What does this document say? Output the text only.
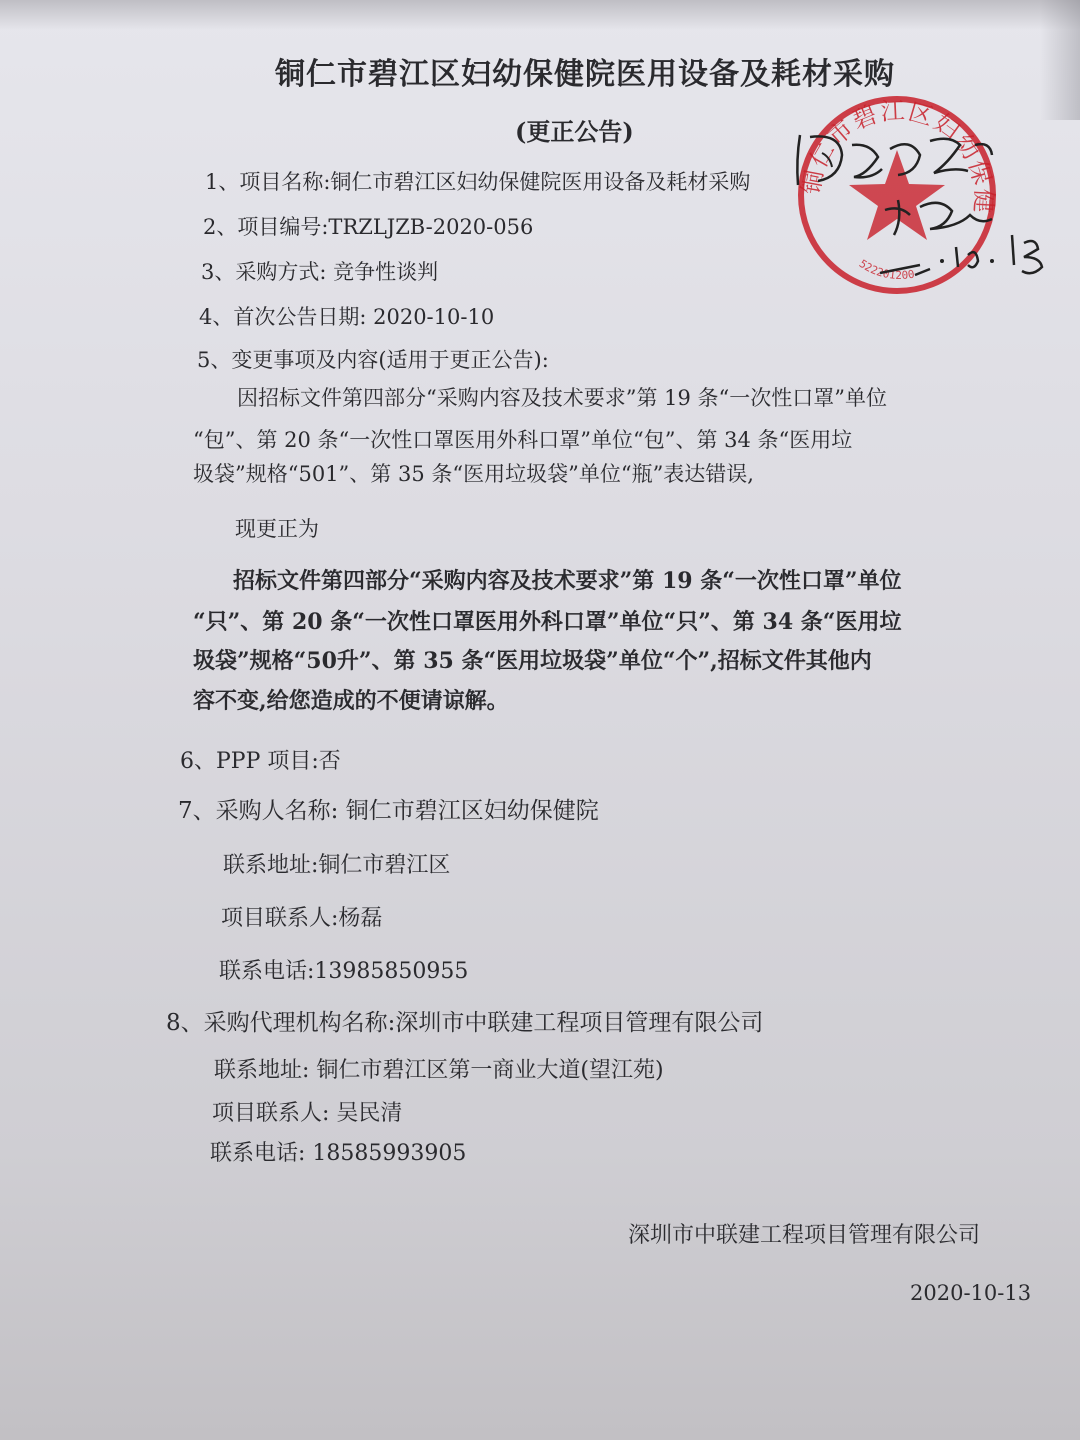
铜仁市碧江区妇幼保健院医用设备及耗材采购
(更正公告)
1、项目名称:铜仁市碧江区妇幼保健院医用设备及耗材采购
2、项目编号:TRZLJZB-2020-056
3、采购方式: 竞争性谈判
4、首次公告日期: 2020-10-10
5、变更事项及内容(适用于更正公告):
因招标文件第四部分“采购内容及技术要求”第 19 条“一次性口罩”单位
“包”、第 20 条“一次性口罩医用外科口罩”单位“包”、第 34 条“医用垃
圾袋”规格“501”、第 35 条“医用垃圾袋”单位“瓶”表达错误,
现更正为
招标文件第四部分“采购内容及技术要求”第 19 条“一次性口罩”单位
“只”、第 20 条“一次性口罩医用外科口罩”单位“只”、第 34 条“医用垃
圾袋”规格“50升”、第 35 条“医用垃圾袋”单位“个”,招标文件其他内
容不变,给您造成的不便请谅解。
6、PPP 项目:否
7、采购人名称: 铜仁市碧江区妇幼保健院
联系地址:铜仁市碧江区
项目联系人:杨磊
联系电话:13985850955
8、采购代理机构名称:深圳市中联建工程项目管理有限公司
联系地址: 铜仁市碧江区第一商业大道(望江苑)
项目联系人: 吴民清
联系电话: 18585993905
深圳市中联建工程项目管理有限公司
2020-10-13
铜仁市碧江区妇幼保健
522201200
